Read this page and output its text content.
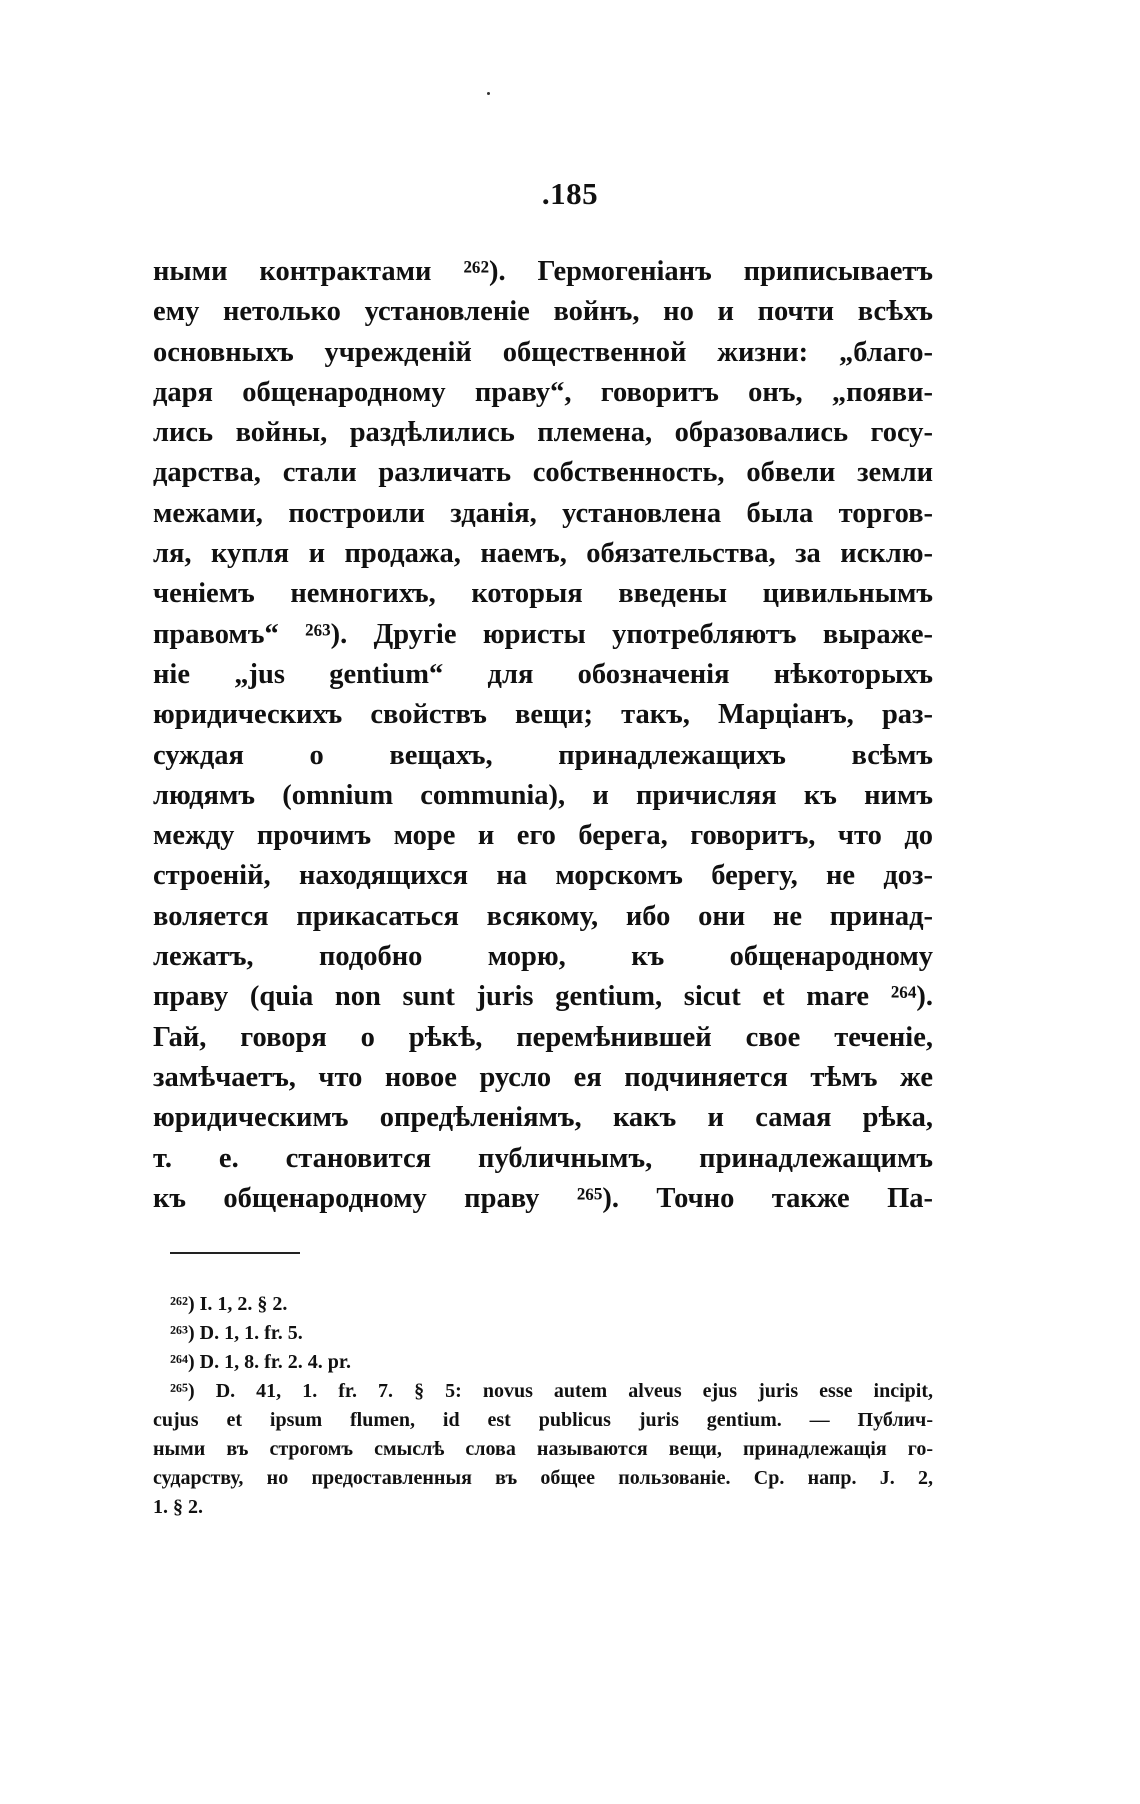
.185
ными контрактами ²⁶²). Гермогеніанъ приписываетъ
ему нетолько установленіе войнъ, но и почти всѣхъ
основныхъ учрежденій общественной жизни: „благо-
даря общенародному праву“, говоритъ онъ, „появи-
лись войны, раздѣлились племена, образовались госу-
дарства, стали различать собственность, обвели земли
межами, построили зданія, установлена была торгов-
ля, купля и продажа, наемъ, обязательства, за исклю-
ченіемъ немногихъ, которыя введены цивильнымъ
правомъ“ ²⁶³). Другіе юристы употребляютъ выраже-
ніе „jus gentium“ для обозначенія нѣкоторыхъ
юридическихъ свойствъ вещи; такъ, Марціанъ, раз-
суждая о вещахъ, принадлежащихъ всѣмъ
людямъ (omnium communia), и причисляя къ нимъ
между прочимъ море и его берега, говоритъ, что до
строеній, находящихся на морскомъ берегу, не доз-
воляется прикасаться всякому, ибо они не принад-
лежатъ, подобно морю, къ общенародному
праву (quia non sunt juris gentium, sicut et mare ²⁶⁴).
Гай, говоря о рѣкѣ, перемѣнившей свое теченіе,
замѣчаетъ, что новое русло ея подчиняется тѣмъ же
юридическимъ опредѣленіямъ, какъ и самая рѣка,
т. е. становится публичнымъ, принадлежащимъ
къ общенародному праву ²⁶⁵). Точно также Па-
²⁶²) I. 1, 2. § 2.
²⁶³) D. 1, 1. fr. 5.
²⁶⁴) D. 1, 8. fr. 2. 4. pr.
²⁶⁵) D. 41, 1. fr. 7. § 5: novus autem alveus ejus juris esse incipit,
cujus et ipsum flumen, id est publicus juris gentium. — Публич-
ными въ строгомъ смыслѣ слова называются вещи, принадлежащія го-
сударству, но предоставленныя въ общее пользованіе. Ср. напр. J. 2,
1. § 2.
